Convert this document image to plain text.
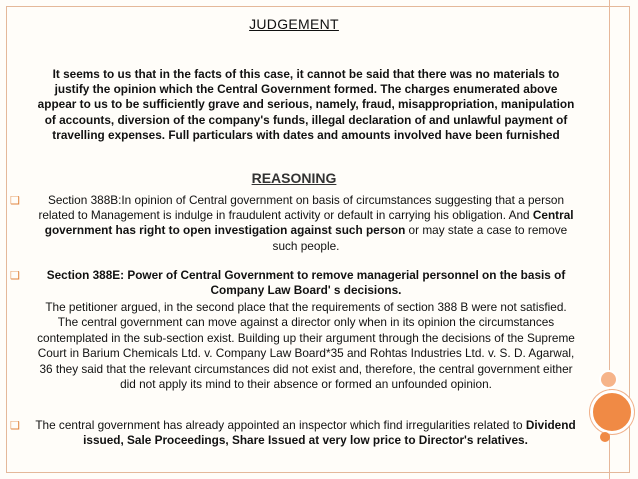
JUDGEMENT
It seems to us that in the facts of this case, it cannot be said that there was no materials to justify the opinion which the Central Government formed. The charges enumerated above appear to us to be sufficiently grave and serious, namely, fraud, misappropriation, manipulation of accounts, diversion of the company's funds, illegal declaration of and unlawful payment of travelling expenses. Full particulars with dates and amounts involved have been furnished
REASONING
❑	Section 388B:In opinion of Central government on basis of circumstances suggesting that a person related to Management is indulge in fraudulent activity or default in carrying his obligation. And Central government has right to open investigation against such person or may state a case to remove such people.
❑	Section 388E: Power of Central Government to remove managerial personnel on the basis of Company Law Board' s decisions.
The petitioner argued, in the second place that the requirements of section 388 B were not satisfied. The central government can move against a director only when in its opinion the circumstances contemplated in the sub-section exist. Building up their argument through the decisions of the Supreme Court in Barium Chemicals Ltd. v. Company Law Board*35 and Rohtas Industries Ltd. v. S. D. Agarwal, 36 they said that the relevant circumstances did not exist and, therefore, the central government either did not apply its mind to their absence or formed an unfounded opinion.
❑	The central government has already appointed an inspector which find irregularities related to Dividend issued, Sale Proceedings, Share Issued at very low price to Director's relatives.
